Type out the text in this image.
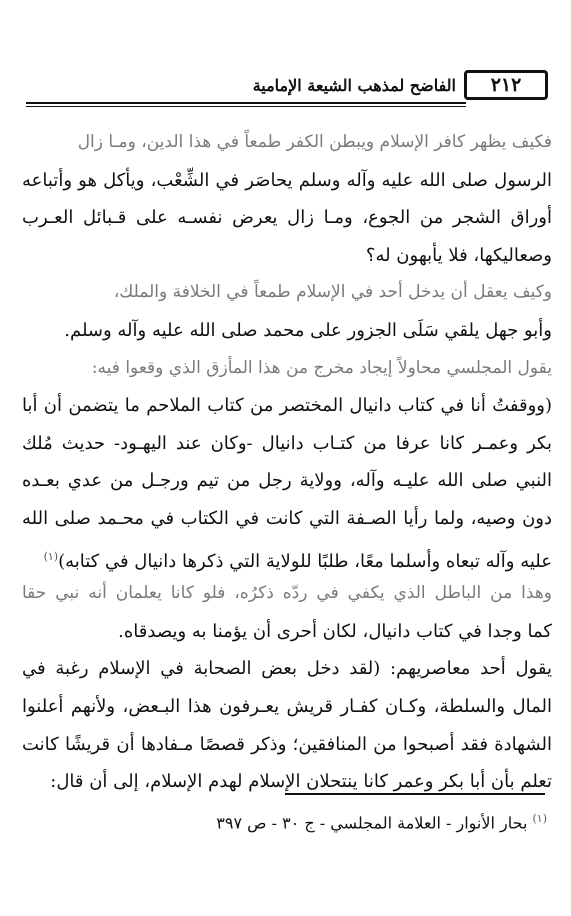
٢١٢
الفاضح لمذهب الشيعة الإمامية
فكيف يظهر كافر الإسلام ويبطن الكفر طمعاً في هذا الدين، ومـا زال
الرسول صلى الله عليه وآله وسلم يحاصَر في الشِّعْب، ويأكل هو وأتباعه
أوراق الشجر من الجوع، ومـا زال يعرض نفسـه على قـبائل العـرب
وصعاليكها، فلا يأبهون له؟
وكيف يعقل أن يدخل أحد في الإسلام طمعاً في الخلافة والملك،
وأبو جهل يلقي سَلَى الجزور على محمد صلى الله عليه وآله وسلم.
يقول المجلسي محاولاً إيجاد مخرج من هذا المأزق الذي وقعوا فيه:
(ووقفتُ أنا في كتاب دانيال المختصر من كتاب الملاحم ما يتضمن أن أبا
بكر وعمـر كانا عرفا من كتـاب دانيال -وكان عند اليهـود- حديث مُلك
النبي صلى الله عليـه وآله، وولاية رجل من تيم ورجـل من عدي بعـده
دون وصيه، ولما رأيا الصـفة التي كانت في الكتاب في محـمد صلى الله
عليه وآله تبعاه وأسلما معًا، طلبًا للولاية التي ذكرها دانيال في كتابه)$^{(١)}$
وهذا من الباطل الذي يكفي في ردّه ذكرُه، فلو كانا يعلمان أنه نبي حقا
كما وجدا في كتاب دانيال، لكان أحرى أن يؤمنا به ويصدقاه.
يقول أحد معاصريهم: (لقد دخل بعض الصحابة في الإسلام رغبة في
المال والسلطة، وكـان كفـار قريش يعـرفون هذا البـعض، ولأنهم أعلنوا
الشهادة فقد أصبحوا من المنافقين؛ وذكر قصصًا مـفادها أن قريشًا كانت
تعلم بأن أبا بكر وعمر كانا ينتحلان الإسلام لهدم الإسلام، إلى أن قال:
$^{(١)}$ بحار الأنوار - العلامة المجلسي - ج ٣٠ - ص ٣٩٧
